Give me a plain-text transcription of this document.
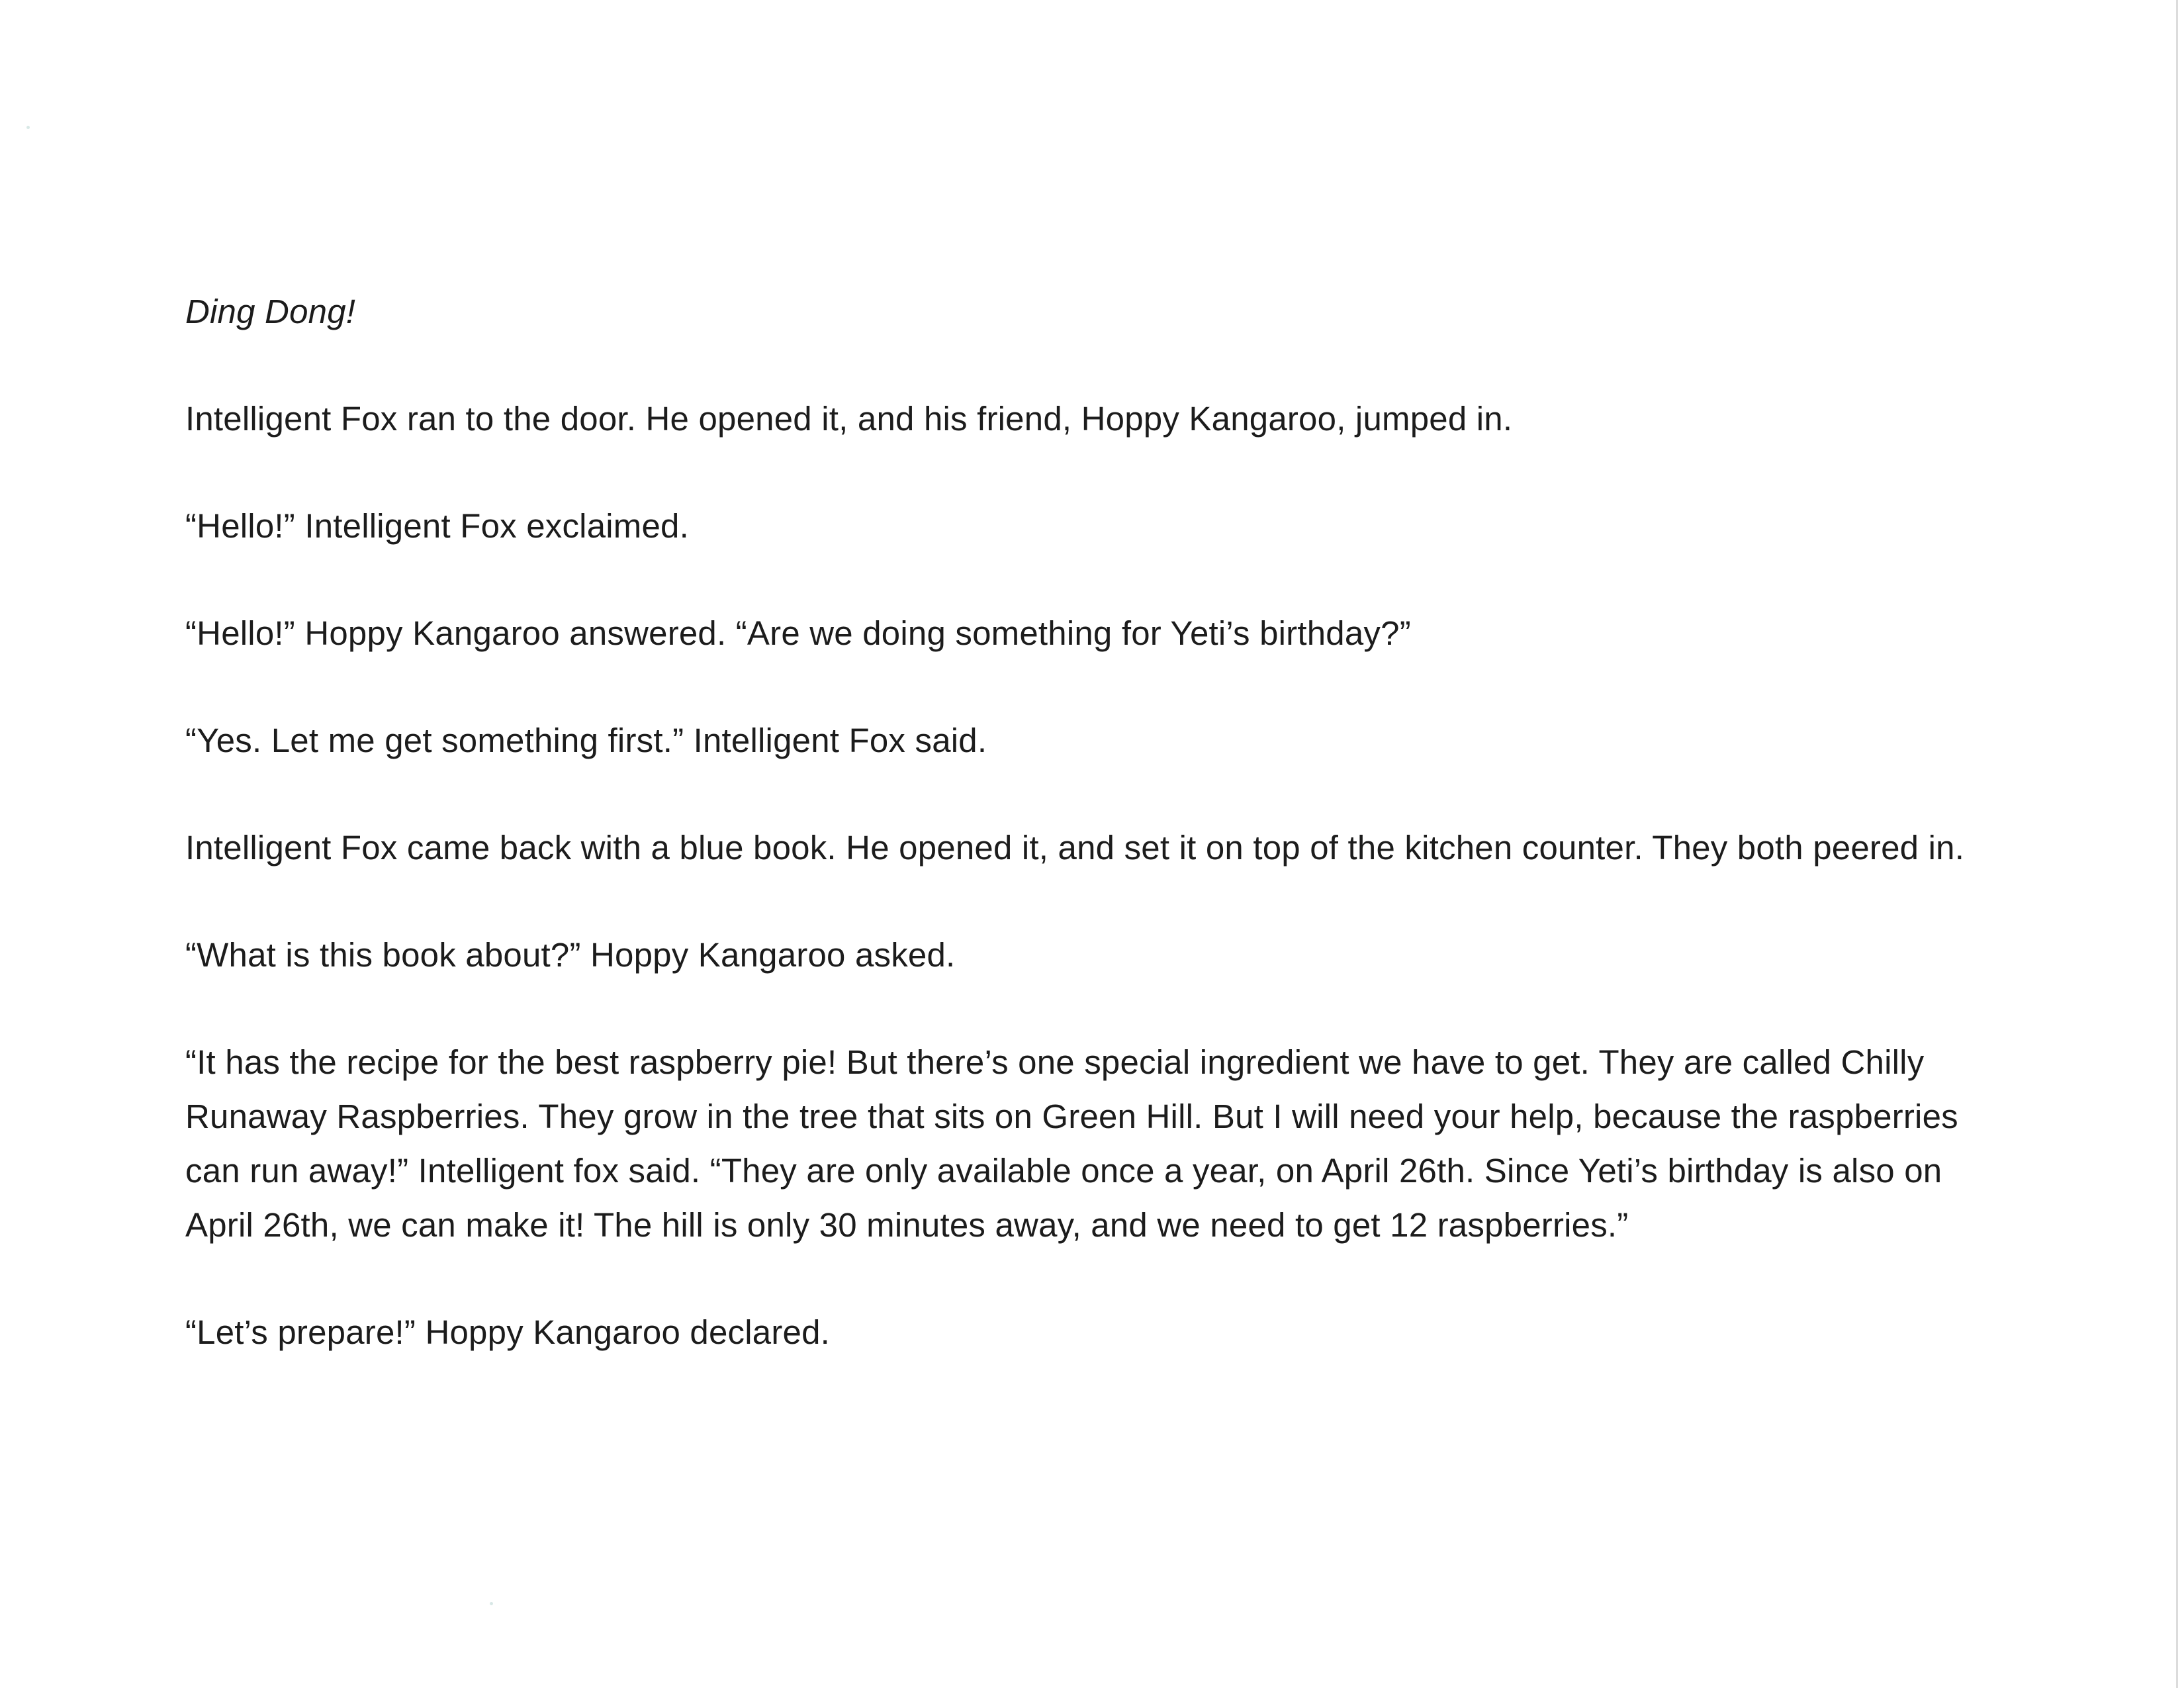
Ding Dong!

Intelligent Fox ran to the door. He opened it, and his friend, Hoppy Kangaroo, jumped in.

“Hello!” Intelligent Fox exclaimed.

“Hello!” Hoppy Kangaroo answered. “Are we doing something for Yeti’s birthday?”

“Yes. Let me get something first.” Intelligent Fox said.

Intelligent Fox came back with a blue book. He opened it, and set it on top of the kitchen counter. They both peered in.

“What is this book about?” Hoppy Kangaroo asked.

“It has the recipe for the best raspberry pie! But there’s one special ingredient we have to get. They are called Chilly Runaway Raspberries. They grow in the tree that sits on Green Hill. But I will need your help, because the raspberries can run away!” Intelligent fox said. “They are only available once a year, on April 26th. Since Yeti’s birthday is also on April 26th, we can make it! The hill is only 30 minutes away, and we need to get 12 raspberries.”

“Let’s prepare!” Hoppy Kangaroo declared.
